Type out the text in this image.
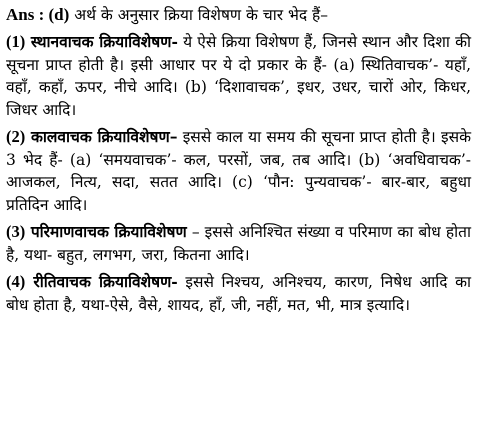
Ans : (d) अर्थ के अनुसार क्रिया विशेषण के चार भेद हैं–

(1) स्थानवाचक क्रियाविशेषण- ये ऐसे क्रिया विशेषण हैं, जिनसे स्थान और दिशा की सूचना प्राप्त होती है। इसी आधार पर ये दो प्रकार के हैं- (a) स्थितिवाचक’- यहाँ, वहाँ, कहाँ, ऊपर, नीचे आदि। (b) ‘दिशावाचक’, इधर, उधर, चारों ओर, किधर, जिधर आदि।

(2) कालवाचक क्रियाविशेषण– इससे काल या समय की सूचना प्राप्त होती है। इसके 3 भेद हैं- (a) ‘समयवाचक’- कल, परसों, जब, तब आदि। (b) ‘अवधिवाचक’- आजकल, नित्य, सदा, सतत आदि। (c) ‘पौन: पुन्यवाचक’- बार-बार, बहुधा प्रतिदिन आदि।

(3) परिमाणवाचक क्रियाविशेषण – इससे अनिश्चित संख्या व परिमाण का बोध होता है, यथा- बहुत, लगभग, जरा, कितना आदि।

(4) रीतिवाचक क्रियाविशेषण- इससे निश्चय, अनिश्चय, कारण, निषेध आदि का बोध होता है, यथा-ऐसे, वैसे, शायद, हाँ, जी, नहीं, मत, भी, मात्र इत्यादि।
